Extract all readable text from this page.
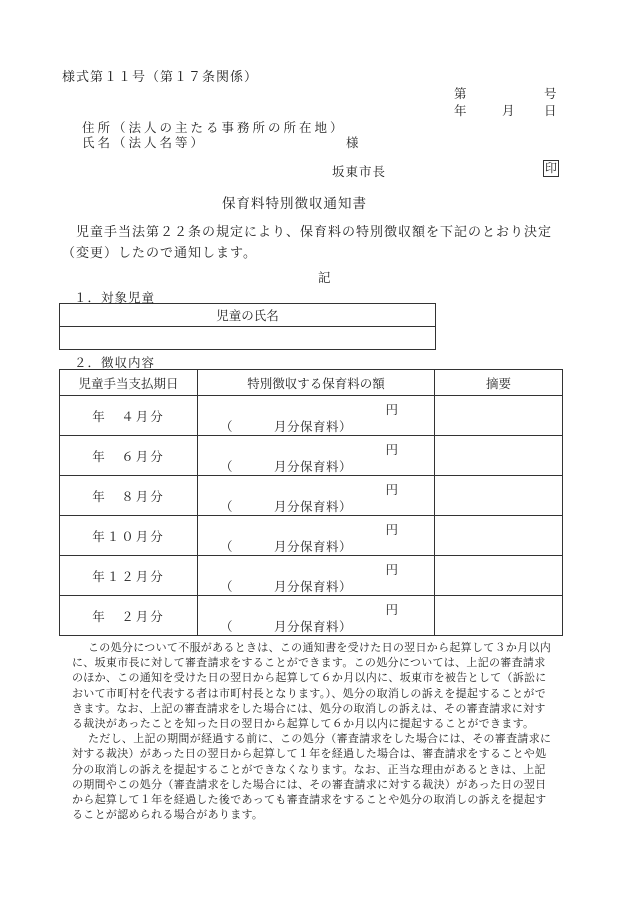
様式第１１号（第１７条関係）
第	号
年	月 日
住所（法人の主たる事務所の所在地）
氏名（法人名等）	様
坂東市長	印
保育料特別徴収通知書
児童手当法第２２条の規定により、保育料の特別徴収額を下記のとおり決定（変更）したので通知します。
記
１．対象児童
児童の氏名

２．徴収内容
児童手当支払期日	特別徴収する保育料の額	摘要
年　４月分	円
（ 月分保育料）	

年　６月分	円
（ 月分保育料）	

年　８月分	円
（ 月分保育料）	

年１０月分	円
（ 月分保育料）	

年１２月分	円
（ 月分保育料）	

年　２月分	円
（ 月分保育料）	

この処分について不服があるときは、この通知書を受けた日の翌日から起算して３か月以内に、坂東市長に対して審査請求をすることができます。この処分については、上記の審査請求のほか、この通知を受けた日の翌日から起算して６か月以内に、坂東市を被告として（訴訟において市町村を代表する者は市町村長となります。）、処分の取消しの訴えを提起することができます。なお、上記の審査請求をした場合には、処分の取消しの訴えは、その審査請求に対する裁決があったことを知った日の翌日から起算して６か月以内に提起することができます。

ただし、上記の期間が経過する前に、この処分（審査請求をした場合には、その審査請求に対する裁決）があった日の翌日から起算して１年を経過した場合は、審査請求をすることや処分の取消しの訴えを提起することができなくなります。なお、正当な理由があるときは、上記の期間やこの処分（審査請求をした場合には、その審査請求に対する裁決）があった日の翌日から起算して１年を経過した後であっても審査請求をすることや処分の取消しの訴えを提起することが認められる場合があります。
